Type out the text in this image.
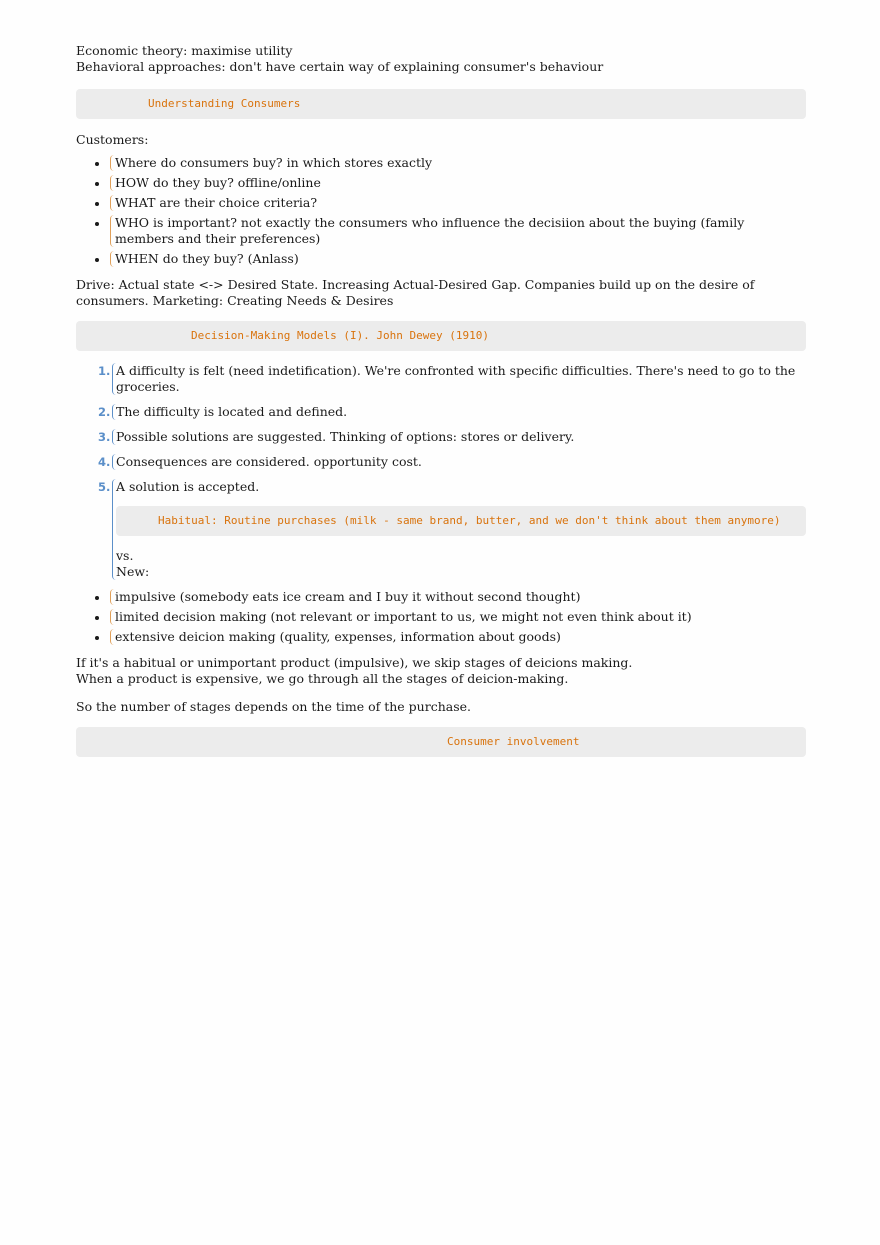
Economic theory: maximise utility

Behavioral approaches: don't have certain way of explaining consumer's behaviour

Understanding Consumers

Customers:

Where do consumers buy? in which stores exactly
HOW do they buy? offline/online
WHAT are their choice criteria?
WHO is important? not exactly the consumers who influence the decisiion about the buying (family members and their preferences)
WHEN do they buy? (Anlass)

Drive: Actual state <-> Desired State. Increasing Actual-Desired Gap. Companies build up on the desire of consumers. Marketing: Creating Needs & Desires

Decision-Making Models (I). John Dewey (1910)
1. A difficulty is felt (need indetification). We're confronted with specific difficulties. There's need to go to the groceries.
2. The difficulty is located and defined.
3. Possible solutions are suggested. Thinking of options: stores or delivery.
4. Consequences are considered. opportunity cost.
5. A solution is accepted.
Habitual: Routine purchases (milk - same brand, butter, and we don't think about them anymore)

vs.

New:

impulsive (somebody eats ice cream and I buy it without second thought)
limited decision making (not relevant or important to us, we might not even think about it)
extensive deicion making (quality, expenses, information about goods)

If it's a habitual or unimportant product (impulsive), we skip stages of deicions making.

When a product is expensive, we go through all the stages of deicion-making.

So the number of stages depends on the time of the purchase.

Consumer involvement
